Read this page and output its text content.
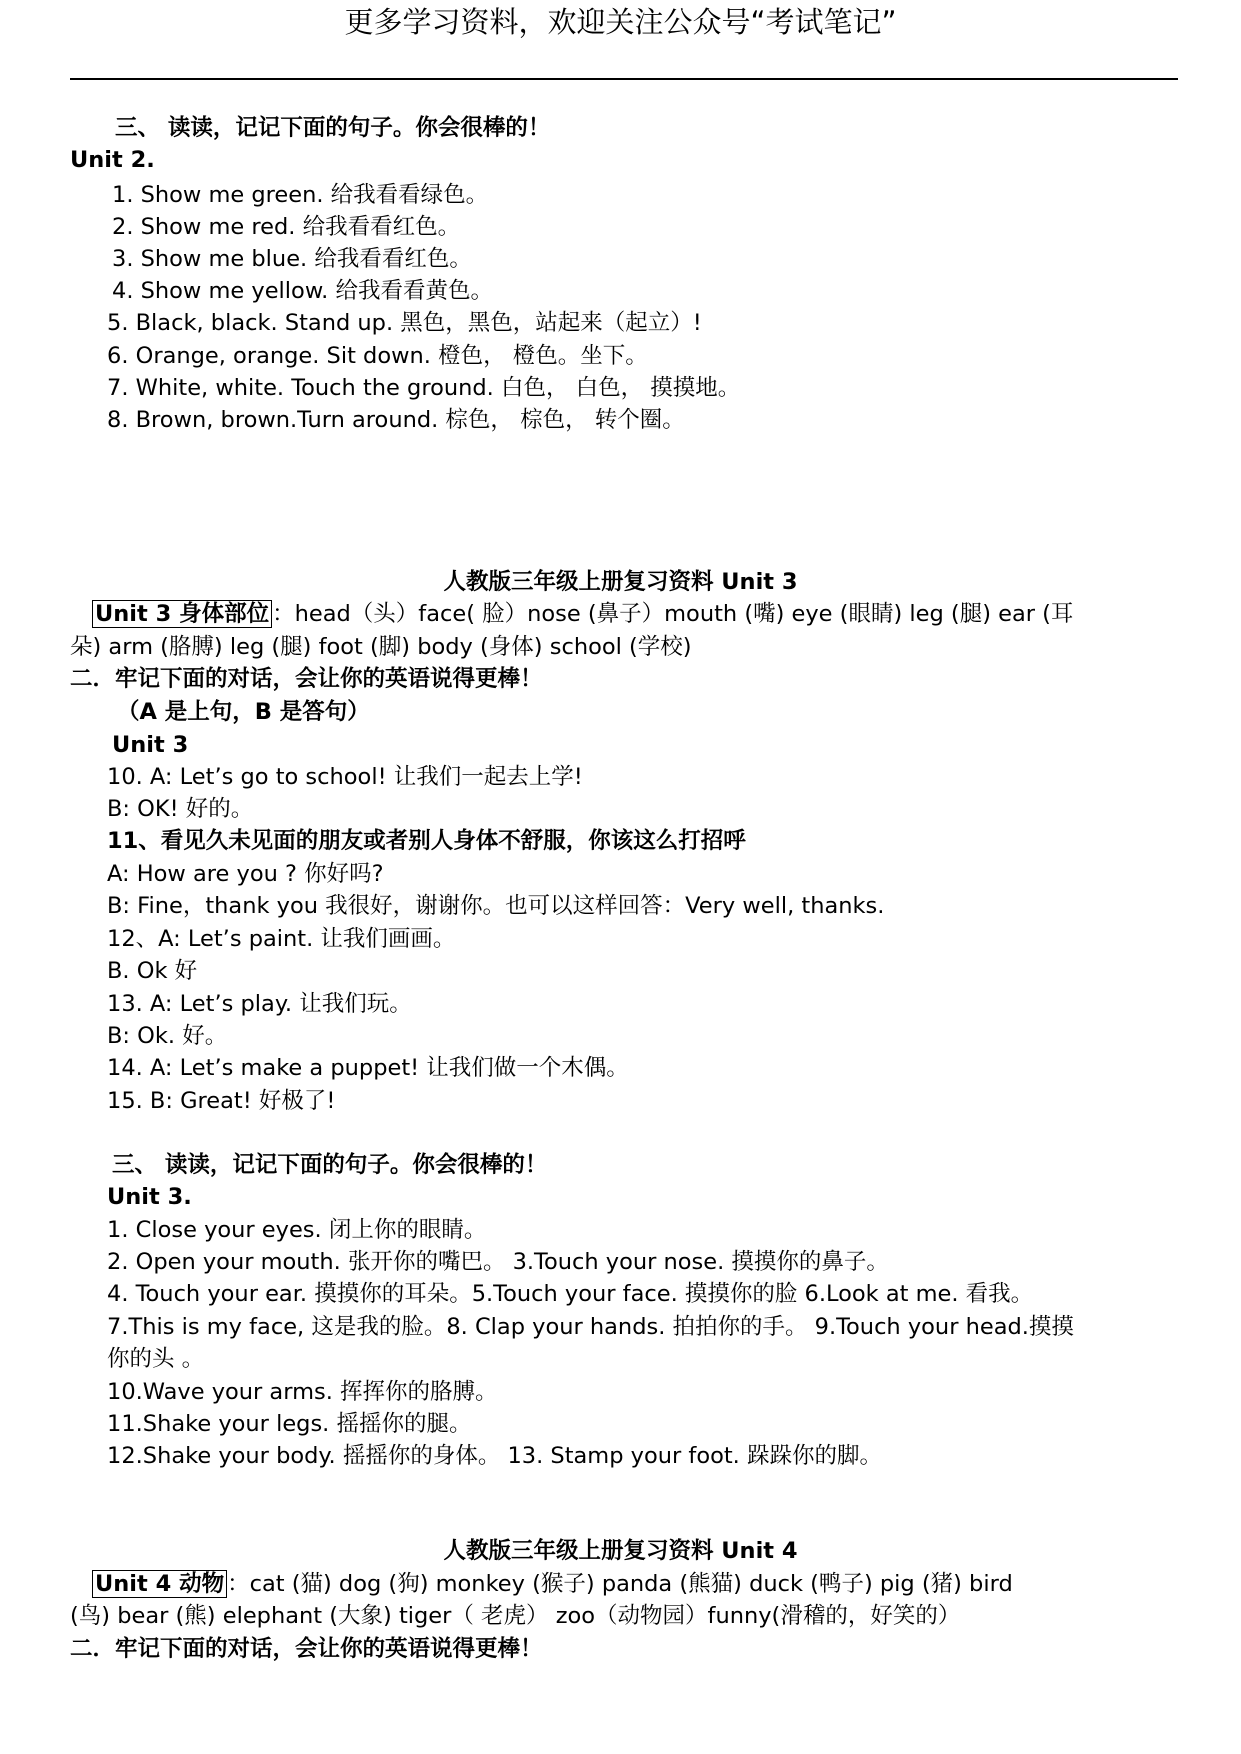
更多学习资料，欢迎关注公众号“考试笔记”
三、 读读，记记下面的句子。你会很棒的！
Unit 2.
1. Show me green. 给我看看绿色。
2. Show me red. 给我看看红色。
3. Show me blue. 给我看看红色。
4. Show me yellow. 给我看看黄色。
5. Black, black. Stand up. 黑色，黑色，站起来（起立）!
6. Orange, orange. Sit down. 橙色， 橙色。坐下。
7. White, white. Touch the ground. 白色， 白色， 摸摸地。
8. Brown, brown.Turn around. 棕色， 棕色， 转个圈。
人教版三年级上册复习资料 Unit 3
Unit 3 身体部位 ：head（头）face( 脸）nose (鼻子）mouth (嘴) eye (眼睛) leg (腿) ear (耳
朵) arm (胳膊) leg (腿) foot (脚) body (身体) school (学校)
二．牢记下面的对话，会让你的英语说得更棒！
（A 是上句，B 是答句）
Unit 3
10. A: Let’s go to school! 让我们一起去上学!
B: OK! 好的。
11、看见久未见面的朋友或者别人身体不舒服，你该这么打招呼
A: How are you ? 你好吗?
B: Fine，thank you 我很好，谢谢你。也可以这样回答：Very well, thanks.
12、A: Let’s paint. 让我们画画。
B. Ok 好
13. A: Let’s play. 让我们玩。
B: Ok. 好。
14. A: Let’s make a puppet! 让我们做一个木偶。
15. B: Great! 好极了!
三、 读读，记记下面的句子。你会很棒的！
Unit 3.
1. Close your eyes. 闭上你的眼睛。
2. Open your mouth. 张开你的嘴巴。 3.Touch your nose. 摸摸你的鼻子。
4. Touch your ear. 摸摸你的耳朵。5.Touch your face. 摸摸你的脸 6.Look at me. 看我。
7.This is my face, 这是我的脸。8. Clap your hands. 拍拍你的手。 9.Touch your head.摸摸
你的头 。
10.Wave your arms. 挥挥你的胳膊。
11.Shake your legs. 摇摇你的腿。
12.Shake your body. 摇摇你的身体。 13. Stamp your foot. 跺跺你的脚。
人教版三年级上册复习资料 Unit 4
Unit 4 动物 ：cat (猫) dog (狗) monkey (猴子) panda (熊猫) duck (鸭子) pig (猪) bird
(鸟) bear (熊) elephant (大象) tiger（ 老虎） zoo（动物园）funny(滑稽的，好笑的）
二．牢记下面的对话，会让你的英语说得更棒！
